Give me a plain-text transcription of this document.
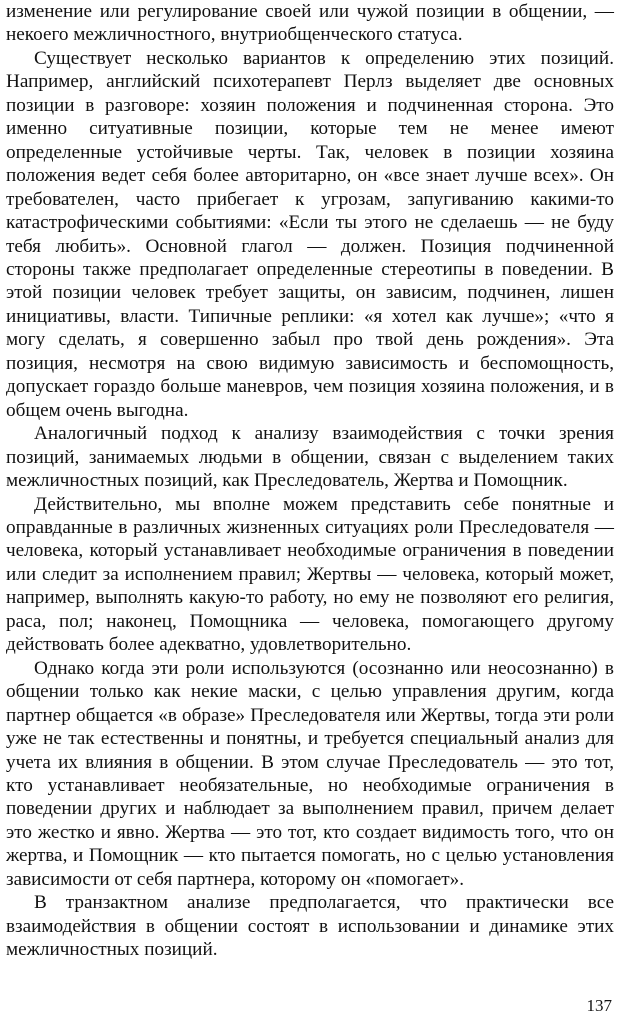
изменение или регулирование своей или чужой позиции в общении, — некоего межличностного, внутриобщенческого статуса.

Существует несколько вариантов к определению этих позиций. Например, английский психотерапевт Перлз выделяет две основных позиции в разговоре: хозяин положения и подчиненная сторона. Это именно ситуативные позиции, которые тем не менее имеют определенные устойчивые черты. Так, человек в позиции хозяина положения ведет себя более авторитарно, он «все знает лучше всех». Он требователен, часто прибегает к угрозам, запугиванию какими-то катастрофическими событиями: «Если ты этого не сделаешь — не буду тебя любить». Основной глагол — должен. Позиция подчиненной стороны также предполагает определенные стереотипы в поведении. В этой позиции человек требует защиты, он зависим, подчинен, лишен инициативы, власти. Типичные реплики: «я хотел как лучше»; «что я могу сделать, я совершенно забыл про твой день рождения». Эта позиция, несмотря на свою видимую зависимость и беспомощность, допускает гораздо больше маневров, чем позиция хозяина положения, и в общем очень выгодна.

Аналогичный подход к анализу взаимодействия с точки зрения позиций, занимаемых людьми в общении, связан с выделением таких межличностных позиций, как Преследователь, Жертва и Помощник.

Действительно, мы вполне можем представить себе понятные и оправданные в различных жизненных ситуациях роли Преследователя — человека, который устанавливает необходимые ограничения в поведении или следит за исполнением правил; Жертвы — человека, который может, например, выполнять какую-то работу, но ему не позволяют его религия, раса, пол; наконец, Помощника — человека, помогающего другому действовать более адекватно, удовлетворительно.

Однако когда эти роли используются (осознанно или неосознанно) в общении только как некие маски, с целью управления другим, когда партнер общается «в образе» Преследователя или Жертвы, тогда эти роли уже не так естественны и понятны, и требуется специальный анализ для учета их влияния в общении. В этом случае Преследователь — это тот, кто устанавливает необязательные, но необходимые ограничения в поведении других и наблюдает за выполнением правил, причем делает это жестко и явно. Жертва — это тот, кто создает видимость того, что он жертва, и Помощник — кто пытается помогать, но с целью установления зависимости от себя партнера, которому он «помогает».

В транзактном анализе предполагается, что практически все взаимодействия в общении состоят в использовании и динамике этих межличностных позиций.

137
